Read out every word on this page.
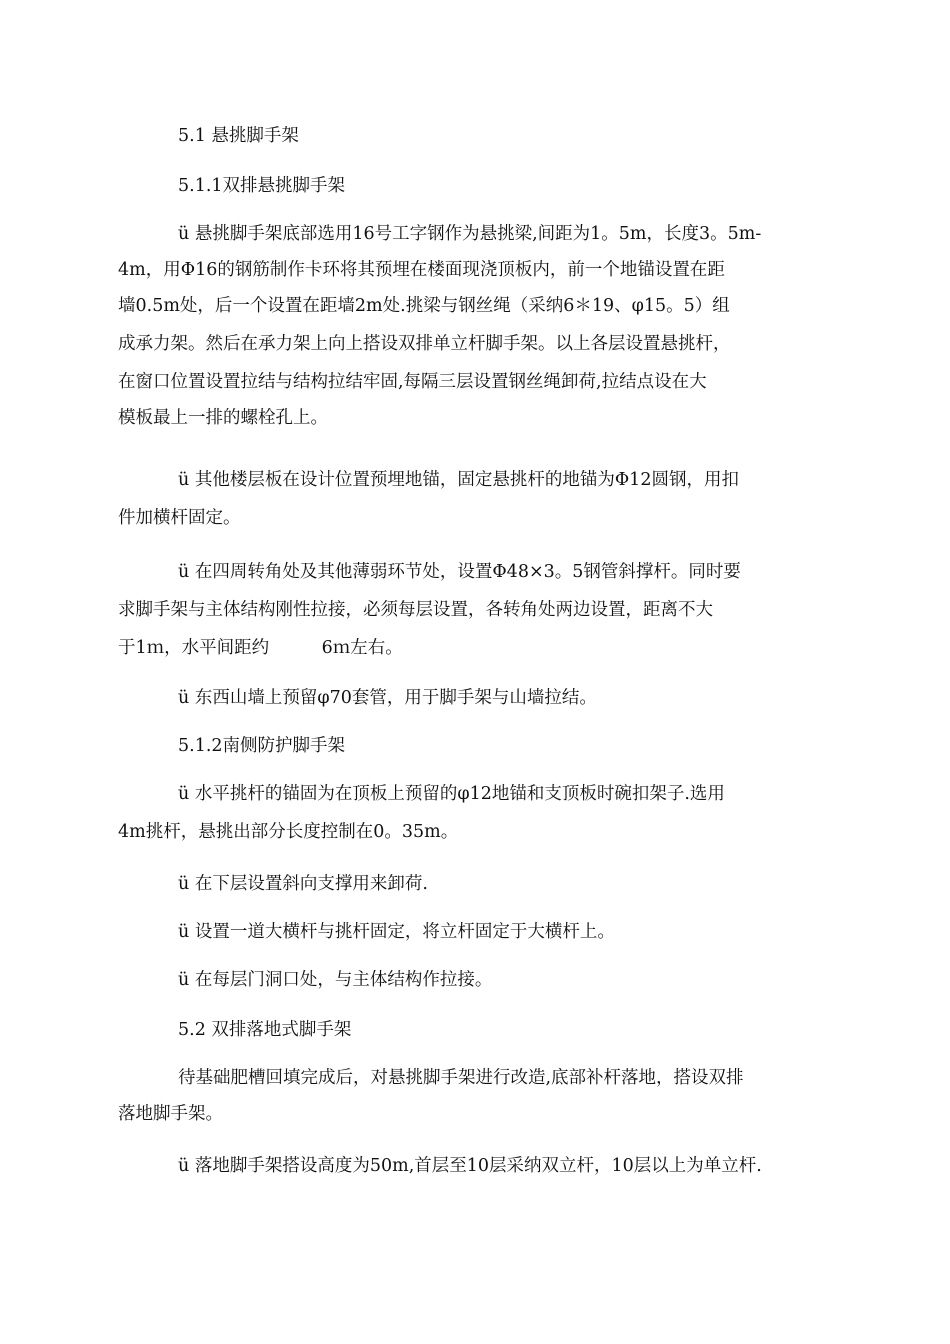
5.1 悬挑脚手架
5.1.1双排悬挑脚手架
ü 悬挑脚手架底部选用16号工字钢作为悬挑梁,间距为1。5m，长度3。5m-
4m，用Φ16的钢筋制作卡环将其预埋在楼面现浇顶板内，前一个地锚设置在距
墙0.5m处，后一个设置在距墙2m处.挑梁与钢丝绳（采纳6＊19、φ15。5）组
成承力架。然后在承力架上向上搭设双排单立杆脚手架。以上各层设置悬挑杆，
在窗口位置设置拉结与结构拉结牢固,每隔三层设置钢丝绳卸荷,拉结点设在大
模板最上一排的螺栓孔上。
ü 其他楼层板在设计位置预埋地锚，固定悬挑杆的地锚为Φ12圆钢，用扣
件加横杆固定。
ü 在四周转角处及其他薄弱环节处，设置Φ48×3。5钢管斜撑杆。同时要
求脚手架与主体结构刚性拉接，必须每层设置，各转角处两边设置，距离不大
于1ｍ，水平间距约　　　6ｍ左右。
ü 东西山墙上预留φ70套管，用于脚手架与山墙拉结。
5.1.2南侧防护脚手架
ü 水平挑杆的锚固为在顶板上预留的φ12地锚和支顶板时碗扣架子.选用
4m挑杆，悬挑出部分长度控制在0。35m。
ü 在下层设置斜向支撑用来卸荷.
ü 设置一道大横杆与挑杆固定，将立杆固定于大横杆上。
ü 在每层门洞口处，与主体结构作拉接。
5.2 双排落地式脚手架
待基础肥槽回填完成后，对悬挑脚手架进行改造,底部补杆落地，搭设双排
落地脚手架。
ü 落地脚手架搭设高度为50m,首层至10层采纳双立杆，10层以上为单立杆.
